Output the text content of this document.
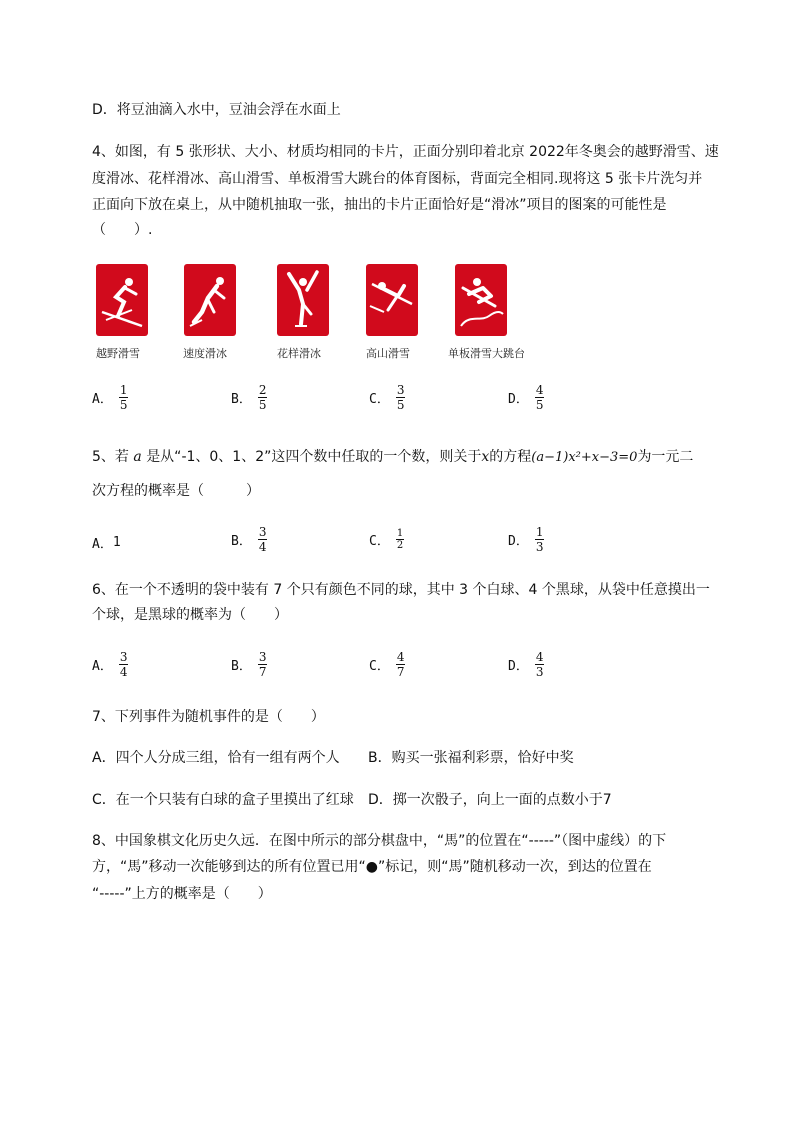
D．将豆油滴入水中，豆油会浮在水面上
4、如图，有 5 张形状、大小、材质均相同的卡片，正面分别印着北京 2022年冬奥会的越野滑雪、速
度滑冰、花样滑冰、高山滑雪、单板滑雪大跳台的体育图标，背面完全相同.现将这 5 张卡片洗匀并
正面向下放在桌上，从中随机抽取一张，抽出的卡片正面恰好是“滑冰”项目的图案的可能性是
（　　）.
越野滑雪	速度滑冰	花样滑冰	高山滑雪	单板滑雪大跳台
A． $\frac{1}{5}$	B． $\frac{2}{5}$	C． $\frac{3}{5}$	D． $\frac{4}{5}$
5、若 a 是从“-1、0、1、2”这四个数中任取的一个数，则关于x的方程(a−1)x²+x−3=0为一元二
次方程的概率是（　　　）
A． 1	B． $\frac{3}{4}$	C． $\frac{1}{2}$	D． $\frac{1}{3}$
6、在一个不透明的袋中装有 7 个只有颜色不同的球，其中 3 个白球、4 个黑球，从袋中任意摸出一
个球，是黑球的概率为（　　）
A． $\frac{3}{4}$	B． $\frac{3}{7}$	C． $\frac{4}{7}$	D． $\frac{4}{3}$
7、下列事件为随机事件的是（　　）
A．四个人分成三组，恰有一组有两个人 B．购买一张福利彩票，恰好中奖
C．在一个只装有白球的盒子里摸出了红球 D．掷一次骰子，向上一面的点数小于7
8、中国象棋文化历史久远．在图中所示的部分棋盘中，“馬”的位置在“-----”（图中虚线）的下
方，“馬”移动一次能够到达的所有位置已用“●”标记，则“馬”随机移动一次，到达的位置在
“-----”上方的概率是（　　）
